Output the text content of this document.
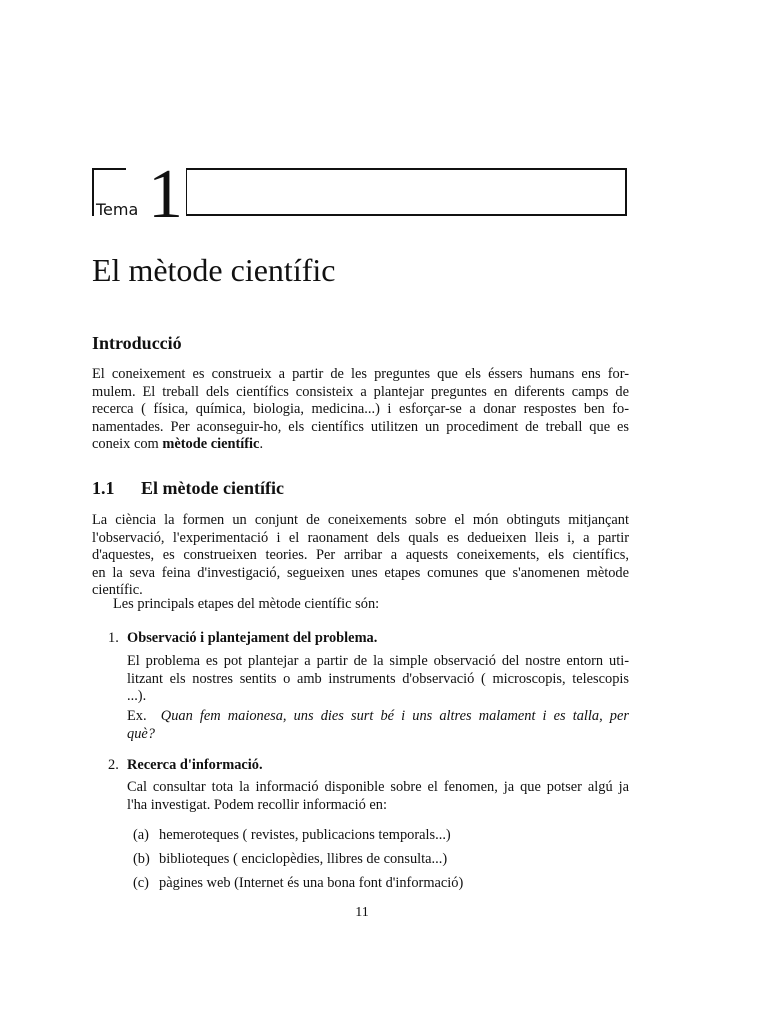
Tema 1
El mètode científic
Introducció
El coneixement es construeix a partir de les preguntes que els éssers humans ens for-
mulem. El treball dels científics consisteix a plantejar preguntes en diferents camps de
recerca ( física, química, biologia, medicina...) i esforçar-se a donar respostes ben fo-
namentades. Per aconseguir-ho, els científics utilitzen un procediment de treball que es
coneix com mètode científic.
1.1 El mètode científic
La ciència la formen un conjunt de coneixements sobre el món obtinguts mitjançant
l'observació, l'experimentació i el raonament dels quals es dedueixen lleis i, a partir
d'aquestes, es construeixen teories. Per arribar a aquests coneixements, els científics,
en la seva feina d'investigació, segueixen unes etapes comunes que s'anomenen mètode
científic.
Les principals etapes del mètode científic són:
1. Observació i plantejament del problema.
El problema es pot plantejar a partir de la simple observació del nostre entorn uti-
litzant els nostres sentits o amb instruments d'observació ( microscopis, telescopis
...).
Ex. Quan fem maionesa, uns dies surt bé i uns altres malament i es talla, per
què?
2. Recerca d'informació.
Cal consultar tota la informació disponible sobre el fenomen, ja que potser algú ja
l'ha investigat. Podem recollir informació en:
(a) hemeroteques ( revistes, publicacions temporals...)
(b) biblioteques ( enciclopèdies, llibres de consulta...)
(c) pàgines web (Internet és una bona font d'informació)
11
